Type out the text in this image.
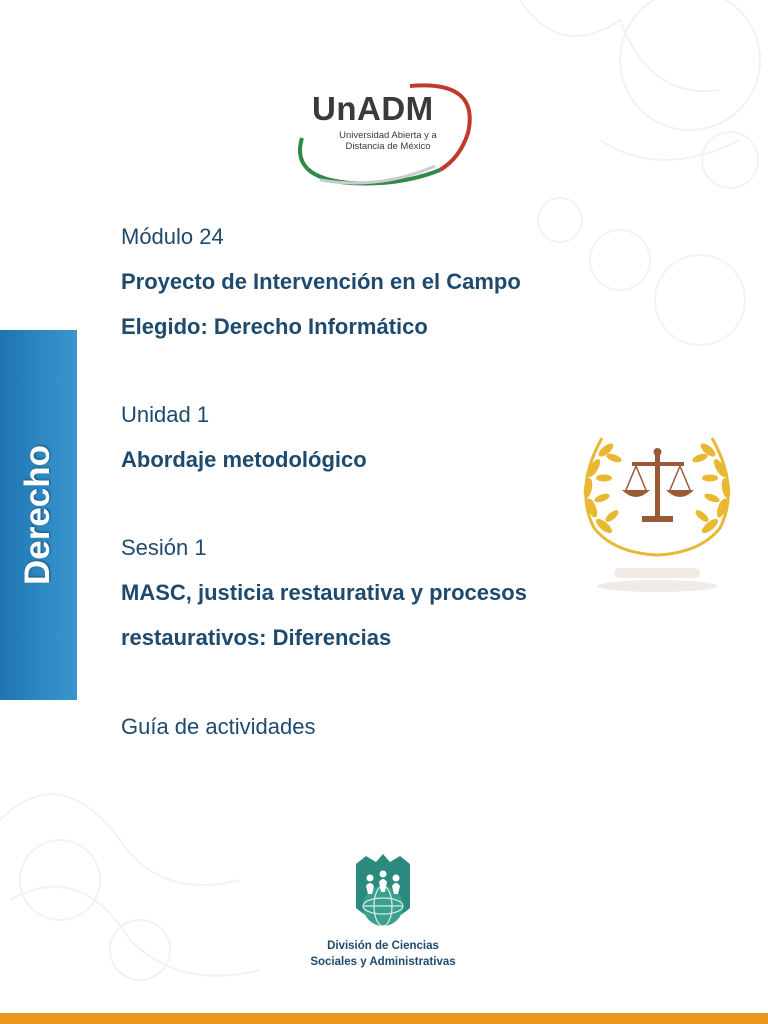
UnADM
Universidad Abierta y a
Distancia de México
Derecho
Módulo 24
Proyecto de Intervención en el Campo
Elegido: Derecho Informático
Unidad 1
Abordaje metodológico
Sesión 1
MASC, justicia restaurativa y procesos
restaurativos: Diferencias
Guía de actividades
División de Ciencias
Sociales y Administrativas
